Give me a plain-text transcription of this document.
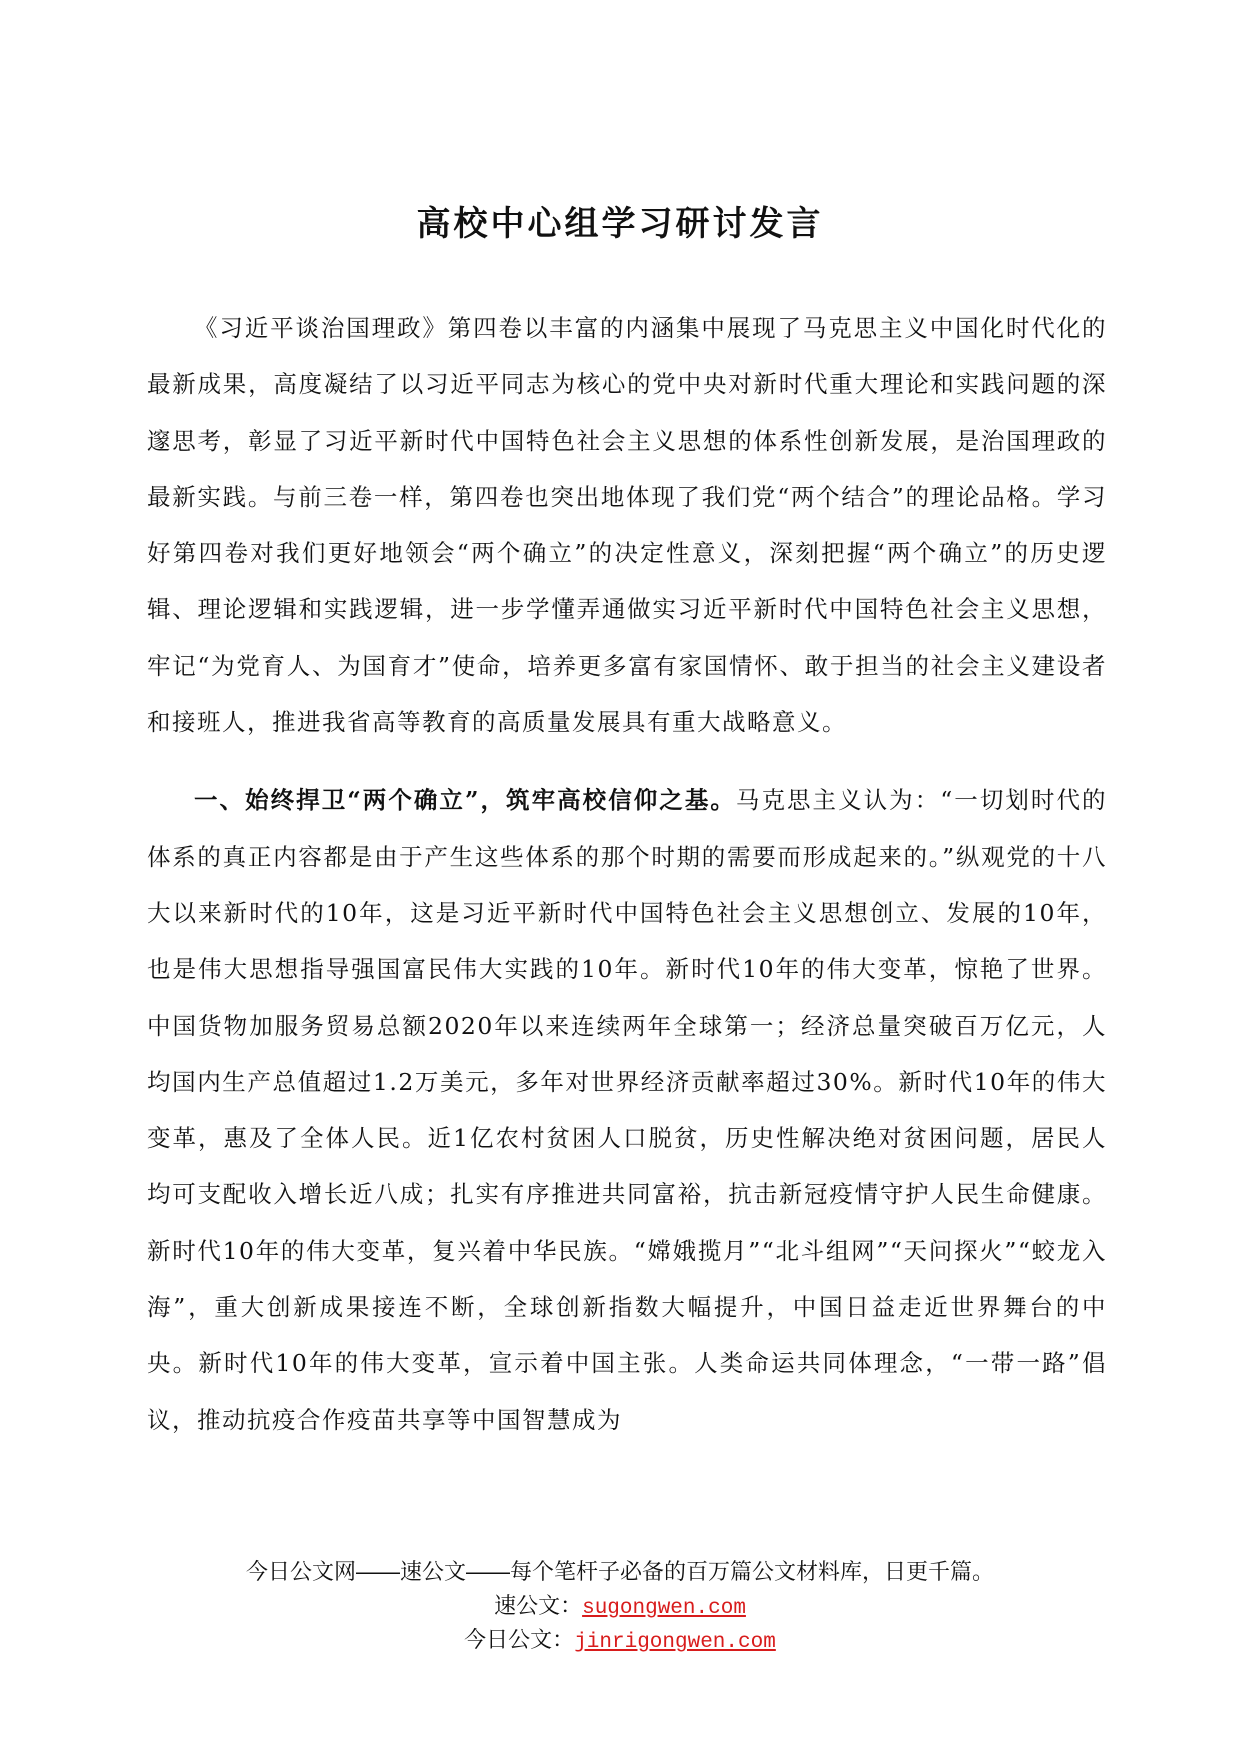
高校中心组学习研讨发言

《习近平谈治国理政》第四卷以丰富的内涵集中展现了马克思主义中国化时代化的最新成果，高度凝结了以习近平同志为核心的党中央对新时代重大理论和实践问题的深邃思考，彰显了习近平新时代中国特色社会主义思想的体系性创新发展，是治国理政的最新实践。与前三卷一样，第四卷也突出地体现了我们党“两个结合”的理论品格。学习好第四卷对我们更好地领会“两个确立”的决定性意义，深刻把握“两个确立”的历史逻辑、理论逻辑和实践逻辑，进一步学懂弄通做实习近平新时代中国特色社会主义思想，牢记“为党育人、为国育才”使命，培养更多富有家国情怀、敢于担当的社会主义建设者和接班人，推进我省高等教育的高质量发展具有重大战略意义。

一、始终捍卫“两个确立”，筑牢高校信仰之基。马克思主义认为：“一切划时代的体系的真正内容都是由于产生这些体系的那个时期的需要而形成起来的。”纵观党的十八大以来新时代的10年，这是习近平新时代中国特色社会主义思想创立、发展的10年，也是伟大思想指导强国富民伟大实践的10年。新时代10年的伟大变革，惊艳了世界。中国货物加服务贸易总额2020年以来连续两年全球第一；经济总量突破百万亿元，人均国内生产总值超过1.2万美元，多年对世界经济贡献率超过30%。新时代10年的伟大变革，惠及了全体人民。近1亿农村贫困人口脱贫，历史性解决绝对贫困问题，居民人均可支配收入增长近八成；扎实有序推进共同富裕，抗击新冠疫情守护人民生命健康。新时代10年的伟大变革，复兴着中华民族。“嫦娥揽月”“北斗组网”“天问探火”“蛟龙入海”，重大创新成果接连不断，全球创新指数大幅提升，中国日益走近世界舞台的中央。新时代10年的伟大变革，宣示着中国主张。人类命运共同体理念，“一带一路”倡议，推动抗疫合作疫苗共享等中国智慧成为

今日公文网——速公文——每个笔杆子必备的百万篇公文材料库，日更千篇。
速公文：sugongwen.com
今日公文：jinrigongwen.com
